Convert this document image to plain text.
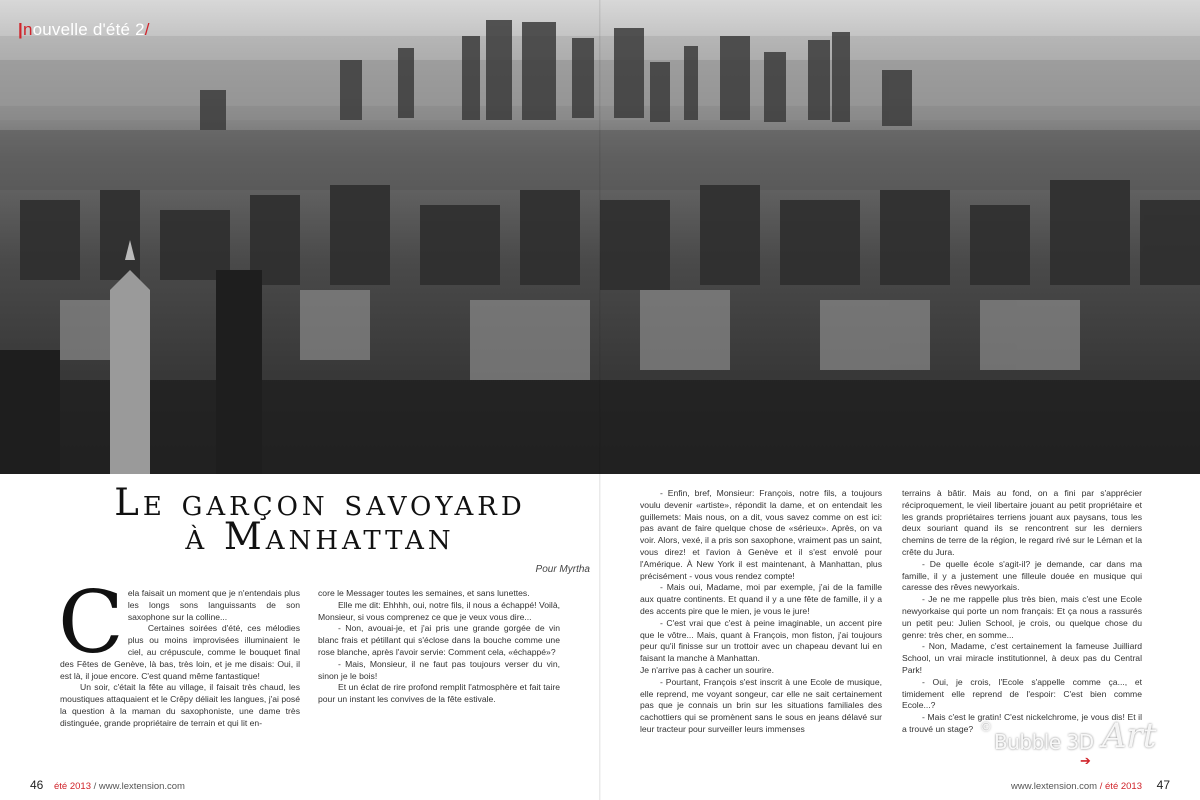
|nouvelle d'été 2/
Le garçon savoyard
à Manhattan
Pour Myrtha

Cela faisait un moment que je n'entendais plus les longs sons languissants de son saxophone sur la colline...

Certaines soirées d'été, ces mélodies plus ou moins improvisées illuminaient le ciel, au crépuscule, comme le bouquet final des Fêtes de Genève, là bas, très loin, et je me disais: Oui, il est là, il joue encore. C'est quand même fantastique!

Un soir, c'était la fête au village, il faisait très chaud, les moustiques attaquaient et le Crêpy déliait les langues, j'ai posé la question à la maman du saxophoniste, une dame très distinguée, grande propriétaire de terrain et qui lit en-

core le Messager toutes les semaines, et sans lunettes.

Elle me dit: Ehhhh, oui, notre fils, il nous a échappé! Voilà, Monsieur, si vous comprenez ce que je veux vous dire...

- Non, avouai-je, et j'ai pris une grande gorgée de vin blanc frais et pétillant qui s'éclose dans la bouche comme une rose blanche, après l'avoir servie: Comment cela, «échappé»?

- Mais, Monsieur, il ne faut pas toujours verser du vin, sinon je le bois!

Et un éclat de rire profond remplit l'atmosphère et fait taire pour un instant les convives de la fête estivale.

- Enfin, bref, Monsieur: François, notre fils, a toujours voulu devenir «artiste», répondit la dame, et on entendait les guillemets: Mais nous, on a dit, vous savez comme on est ici: pas avant de faire quelque chose de «sérieux». Après, on va voir. Alors, vexé, il a pris son saxophone, vraiment pas un saint, vous direz! et l'avion à Genève et il s'est envolé pour l'Amérique. À New York il est maintenant, à Manhattan, plus précisément - vous vous rendez compte!

- Mais oui, Madame, moi par exemple, j'ai de la famille aux quatre continents. Et quand il y a une fête de famille, il y a des accents pire que le mien, je vous le jure!

- C'est vrai que c'est à peine imaginable, un accent pire que le vôtre... Mais, quant à François, mon fiston, j'ai toujours peur qu'il finisse sur un trottoir avec un chapeau devant lui en faisant la manche à Manhattan.

Je n'arrive pas à cacher un sourire.

- Pourtant, François s'est inscrit à une Ecole de musique, elle reprend, me voyant songeur, car elle ne sait certainement pas que je connais un brin sur les situations familiales des cachottiers qui se promènent sans le sous en jeans délavé sur leur tracteur pour surveiller leurs immenses

terrains à bâtir. Mais au fond, on a fini par s'apprécier réciproquement, le vieil libertaire jouant au petit propriétaire et les grands propriétaires terriens jouant aux paysans, tous les deux souriant quand ils se rencontrent sur les derniers chemins de terre de la région, le regard rivé sur le Léman et la crête du Jura.

- De quelle école s'agit-il? je demande, car dans ma famille, il y a justement une filleule douée en musique qui caresse des rêves newyorkais.

- Je ne me rappelle plus très bien, mais c'est une Ecole newyorkaise qui porte un nom français: Et ça nous a rassurés un petit peu: Julien School, je crois, ou quelque chose du genre: très cher, en somme...

- Non, Madame, c'est certainement la fameuse Juilliard School, un vrai miracle institutionnel, à deux pas du Central Park!

- Oui, je crois, l'Ecole s'appelle comme ça..., et timidement elle reprend de l'espoir: C'est bien comme Ecole...?

- Mais c'est le gratin! C'est nickelchrome, je vous dis! Et il a trouvé un stage?

➔
©
Bubble 3D Art
46 été 2013 / www.lextension.com	www.lextension.com / été 2013 47
